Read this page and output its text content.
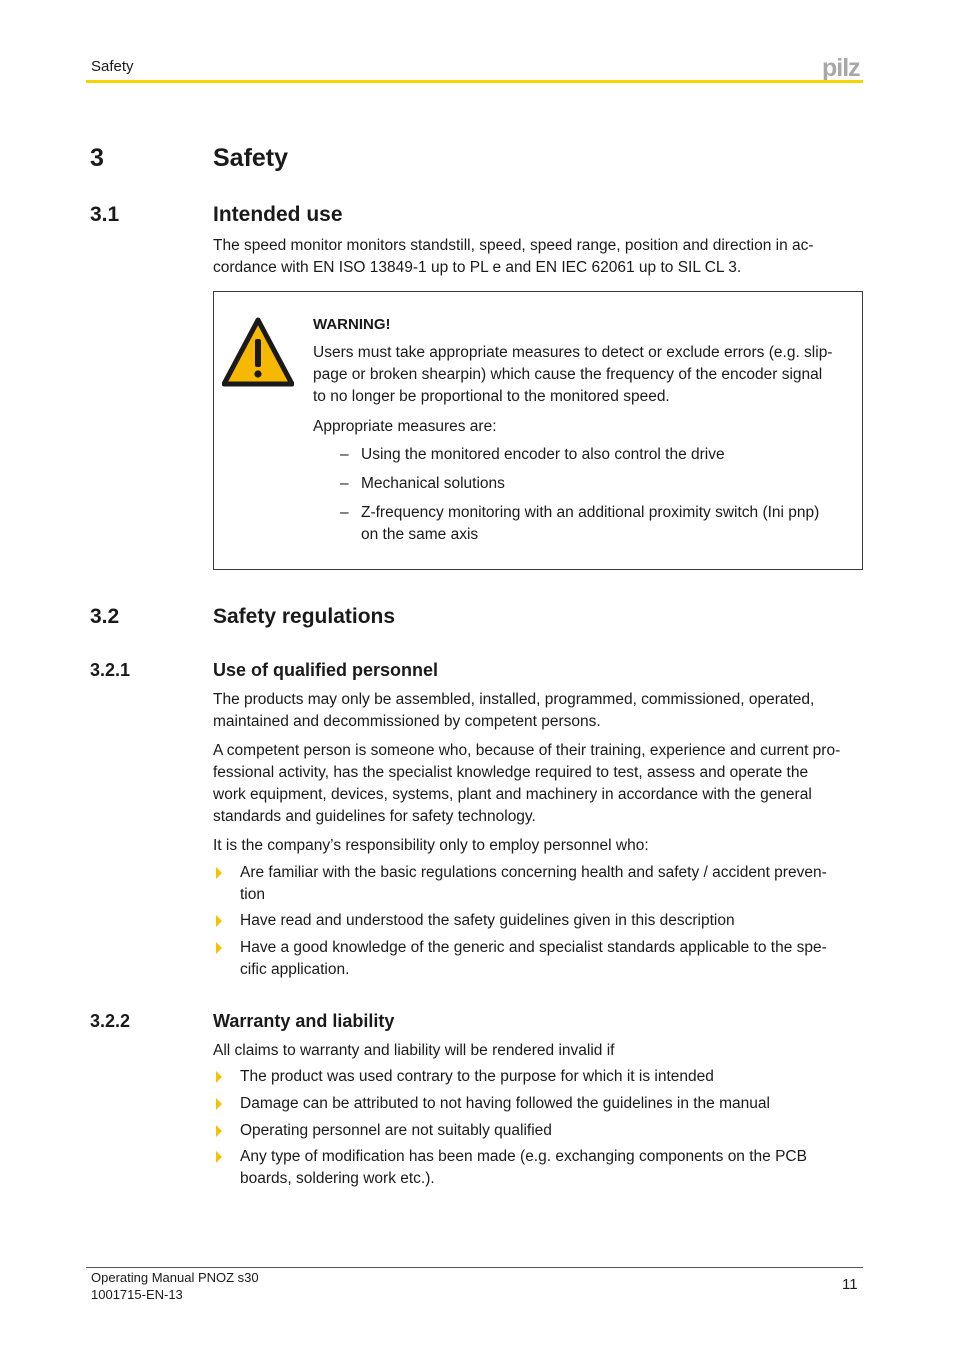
Safety	pilz
3	Safety
3.1	Intended use

The speed monitor monitors standstill, speed, speed range, position and direction in ac-

cordance with EN ISO 13849-1 up to PL e and EN IEC 62061 up to SIL CL 3.

WARNING!

Users must take appropriate measures to detect or exclude errors (e.g. slip-

page or broken shearpin) which cause the frequency of the encoder signal

to no longer be proportional to the monitored speed.

Appropriate measures are:
– Using the monitored encoder to also control the drive

– Mechanical solutions

– Z-frequency monitoring with an additional proximity switch (Ini pnp)

on the same axis

3.2	Safety regulations
3.2.1	Use of qualified personnel

The products may only be assembled, installed, programmed, commissioned, operated,

maintained and decommissioned by competent persons.

A competent person is someone who, because of their training, experience and current pro-

fessional activity, has the specialist knowledge required to test, assess and operate the

work equipment, devices, systems, plant and machinery in accordance with the general

standards and guidelines for safety technology.

It is the company’s responsibility only to employ personnel who:

Are familiar with the basic regulations concerning health and safety / accident preven-

tion

Have read and understood the safety guidelines given in this description

Have a good knowledge of the generic and specialist standards applicable to the spe-

cific application.

3.2.2	Warranty and liability
All claims to warranty and liability will be rendered invalid if

The product was used contrary to the purpose for which it is intended

Damage can be attributed to not having followed the guidelines in the manual

Operating personnel are not suitably qualified

Any type of modification has been made (e.g. exchanging components on the PCB

boards, soldering work etc.).

Operating Manual PNOZ s30
1001715-EN-13
11
